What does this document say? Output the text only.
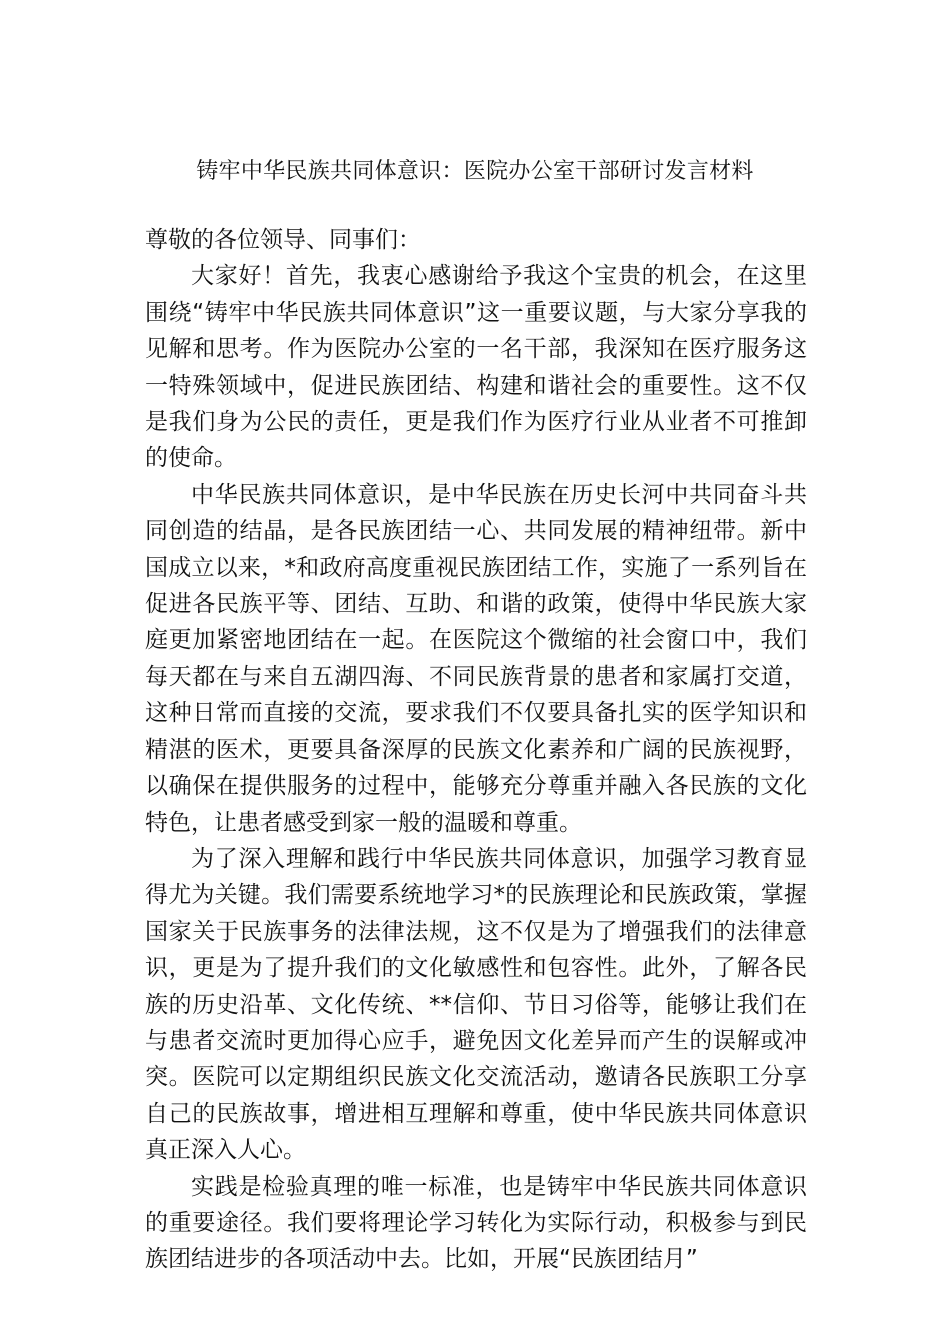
铸牢中华民族共同体意识：医院办公室干部研讨发言材料

尊敬的各位领导、同事们：

大家好！首先，我衷心感谢给予我这个宝贵的机会，在这里围绕“铸牢中华民族共同体意识”这一重要议题，与大家分享我的见解和思考。作为医院办公室的一名干部，我深知在医疗服务这一特殊领域中，促进民族团结、构建和谐社会的重要性。这不仅是我们身为公民的责任，更是我们作为医疗行业从业者不可推卸的使命。

中华民族共同体意识，是中华民族在历史长河中共同奋斗共同创造的结晶，是各民族团结一心、共同发展的精神纽带。新中国成立以来，*和政府高度重视民族团结工作，实施了一系列旨在促进各民族平等、团结、互助、和谐的政策，使得中华民族大家庭更加紧密地团结在一起。在医院这个微缩的社会窗口中，我们每天都在与来自五湖四海、不同民族背景的患者和家属打交道，这种日常而直接的交流，要求我们不仅要具备扎实的医学知识和精湛的医术，更要具备深厚的民族文化素养和广阔的民族视野，以确保在提供服务的过程中，能够充分尊重并融入各民族的文化特色，让患者感受到家一般的温暖和尊重。

为了深入理解和践行中华民族共同体意识，加强学习教育显得尤为关键。我们需要系统地学习*的民族理论和民族政策，掌握国家关于民族事务的法律法规，这不仅是为了增强我们的法律意识，更是为了提升我们的文化敏感性和包容性。此外，了解各民族的历史沿革、文化传统、**信仰、节日习俗等，能够让我们在与患者交流时更加得心应手，避免因文化差异而产生的误解或冲突。医院可以定期组织民族文化交流活动，邀请各民族职工分享自己的民族故事，增进相互理解和尊重，使中华民族共同体意识真正深入人心。

实践是检验真理的唯一标准，也是铸牢中华民族共同体意识的重要途径。我们要将理论学习转化为实际行动，积极参与到民族团结进步的各项活动中去。比如，开展“民族团结月”
